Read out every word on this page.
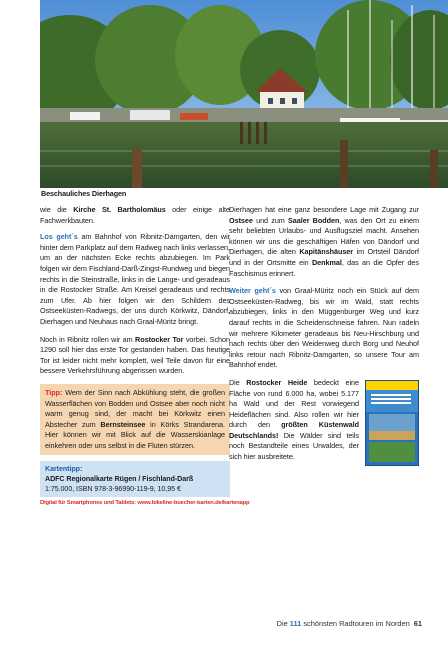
Beschauliches Dierhagen

wie die Kirche St. Bartholomäus oder einige alte Fachwerkbauten.

Los geht´s am Bahnhof von Ribnitz-Damgarten, den wir hinter dem Parkplatz auf dem Radweg nach links verlassen, um an der nächsten Ecke rechts abzubiegen. Im Park folgen wir dem Fischland-Darß-Zingst-Rundweg und biegen rechts in die Steinstraße, links in die Lange- und geradeaus in die Rostocker Straße. Am Kreisel geradeaus und rechts zum Ufer. Ab hier folgen wir den Schildern des Ostseeküsten-Radwegs, der uns durch Körkwitz, Dändorf, Dierhagen und Neuhaus nach Graal-Müritz bringt.

Noch in Ribnitz rollen wir am Rostocker Tor vorbei. Schon 1290 soll hier das erste Tor gestanden haben. Das heutige Tor ist leider nicht mehr komplett, weil Teile davon für eine bessere Verkehrsführung abgerissen wurden.

Tipp: Wem der Sinn nach Abkühlung steht, die großen Wasserflächen von Bodden und Ostsee aber noch nicht warm genug sind, der macht bei Körkwitz einen Abstecher zum Bernsteinsee in Körks Strandarena. Hier können wir mit Blick auf die Wasserskianlage einkehren oder uns selbst in die Fluten stürzen.

Kartentipp:
ADFC Regionalkarte Rügen / Fischland-Darß
1:75.000, ISBN 978-3-96990-119-9, 10,95 €
Digital für Smartphones und Tablets: www.bikeline-buecher-karten.de/kartenapp

Dierhagen hat eine ganz besondere Lage mit Zugang zur Ostsee und zum Saaler Bodden, was den Ort zu einem sehr beliebten Urlaubs- und Ausflugsziel macht. Ansehen können wir uns die geschäftigen Häfen von Dändorf und Dierhagen, die alten Kapitänshäuser im Ortsteil Dändorf und in der Ortsmitte ein Denkmal, das an die Opfer des Faschismus erinnert.

Weiter geht´s von Graal-Müritz noch ein Stück auf dem Ostseeküsten-Radweg, bis wir im Wald, statt rechts abzubiegen, links in den Müggenburger Weg und kurz darauf rechts in die Scheidenschneise fahren. Nun radeln wir mehrere Kilometer geradeaus bis Neu-Hirschburg und nach rechts über den Weidenweg durch Borg und Neuhof links retour nach Ribnitz-Damgarten, so unsere Tour am Bahnhof endet.

Die Rostocker Heide bedeckt eine Fläche von rund 6.000 ha, wobei 5.177 ha Wald und der Rest vorwiegend Heideflächen sind. Also rollen wir hier durch den größten Küstenwald Deutschlands! Die Wälder sind teils noch Bestandteile eines Urwaldes, der sich hier ausbreitete.

Die 111 schönsten Radtouren im Norden 61
